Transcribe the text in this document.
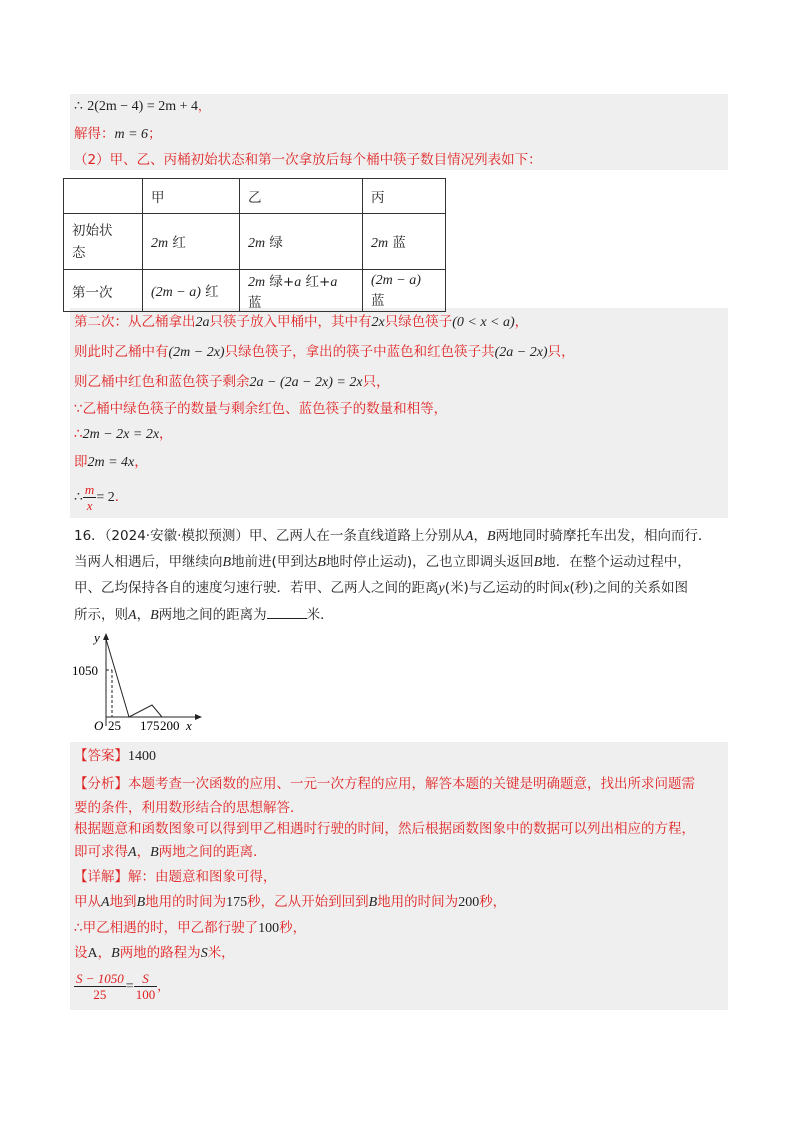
∴ 2(2m − 4) = 2m + 4，
解得：m = 6；
（2）甲、乙、丙桶初始状态和第一次拿放后每个桶中筷子数目情况列表如下：
	甲	乙	丙

初始状态	2m 红	2m 绿	2m 蓝
第一次	(2m − a) 红	2m 绿+a 红+a 蓝	(2m − a) 蓝
第二次：从乙桶拿出2a只筷子放入甲桶中，其中有2x只绿色筷子(0 < x < a)，
则此时乙桶中有(2m − 2x)只绿色筷子，拿出的筷子中蓝色和红色筷子共(2a − 2x)只，
则乙桶中红色和蓝色筷子剩余2a − (2a − 2x) = 2x只，
∵乙桶中绿色筷子的数量与剩余红色、蓝色筷子的数量和相等，
∴2m − 2x = 2x，
即2m = 4x，
∴ $\frac{m}{x} = 2$．
16．（2024·安徽·模拟预测）甲、乙两人在一条直线道路上分别从A，B两地同时骑摩托车出发，相向而行．
当两人相遇后，甲继续向B地前进(甲到达B地时停止运动)，乙也立即调头返回B地．在整个运动过程中，
甲、乙均保持各自的速度匀速行驶．若甲、乙两人之间的距离y(米)与乙运动的时间x(秒)之间的关系如图
所示，则A，B两地之间的距离为	米．
y
1050
O 25 175 200 x
【答案】1400
【分析】本题考查一次函数的应用、一元一次方程的应用，解答本题的关键是明确题意，找出所求问题需
要的条件，利用数形结合的思想解答．
根据题意和函数图象可以得到甲乙相遇时行驶的时间，然后根据函数图象中的数据可以列出相应的方程，
即可求得A，B两地之间的距离．
【详解】解：由题意和图象可得，
甲从A地到B地用的时间为175秒，乙从开始到回到B地用的时间为200秒，
∴甲乙相遇的时，甲乙都行驶了100秒，
设A，B两地的路程为S米，
$\frac{S - 1050}{25} = \frac{S}{100}$ ，
